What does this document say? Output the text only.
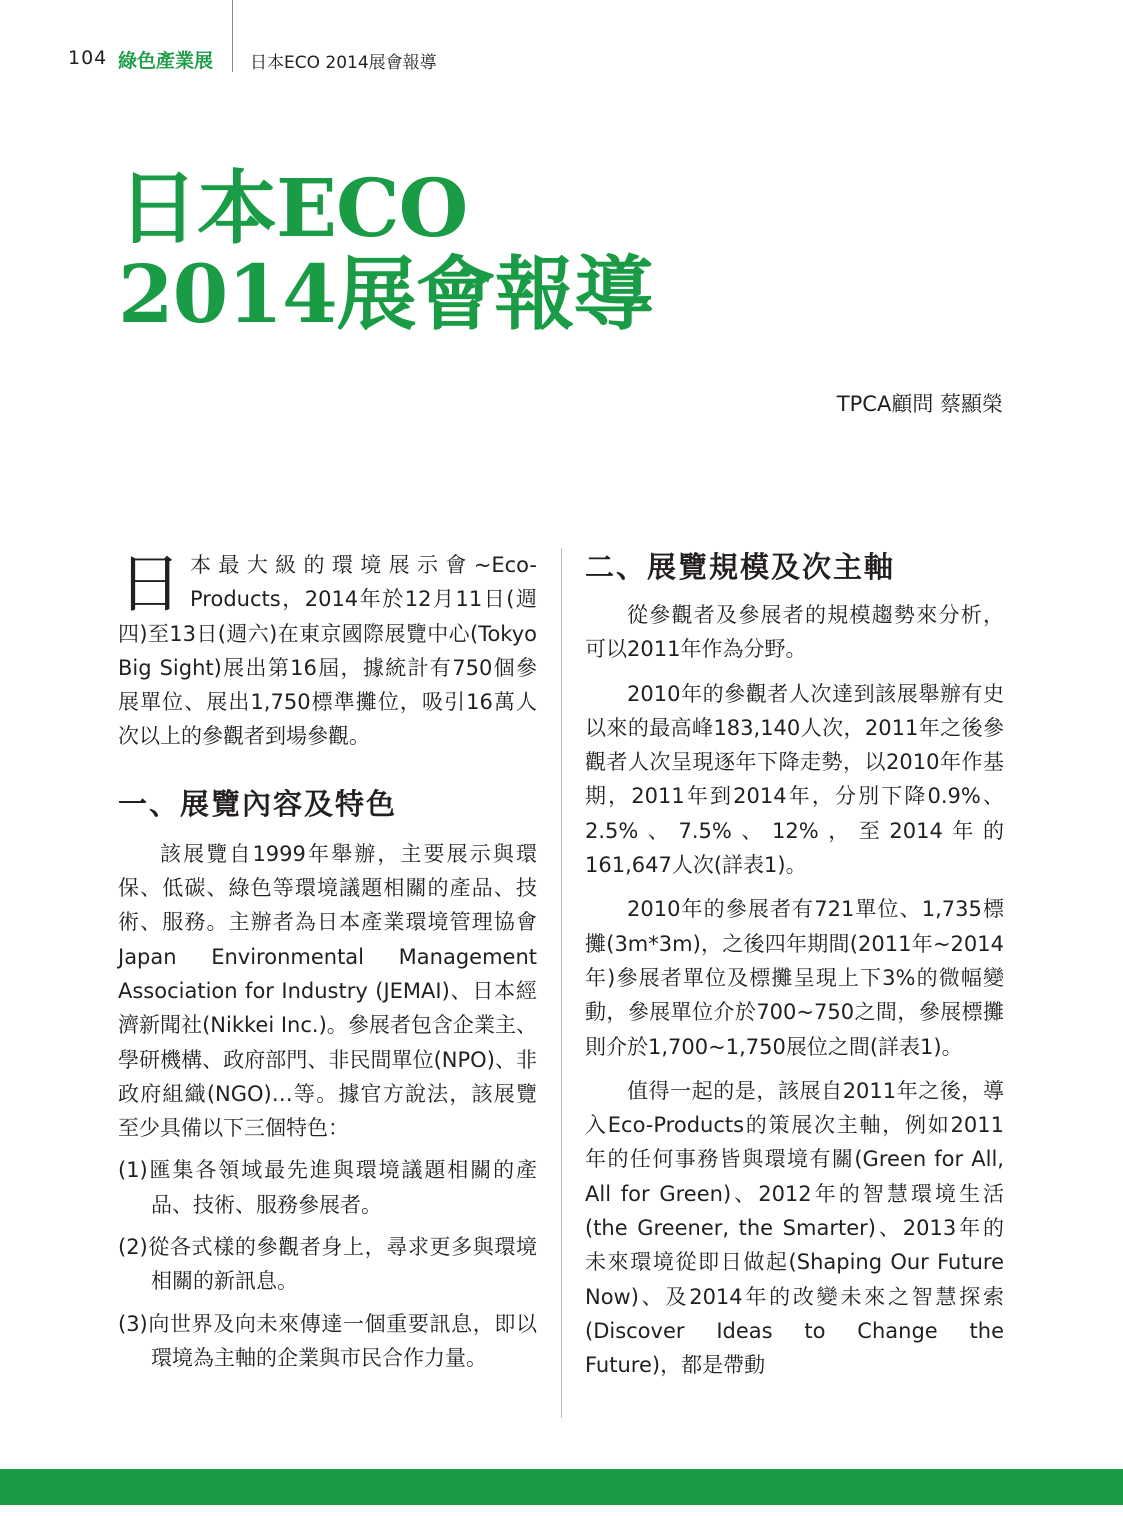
104 綠色產業展 日本ECO 2014展會報導
日本ECO
2014展會報導
TPCA顧問 蔡顯榮

日 本最大級的環境展示會~Eco-Products，2014年於12月11日(週四)至13日(週六)在東京國際展覽中心(Tokyo Big Sight)展出第16屆，據統計有750個參展單位、展出1,750標準攤位，吸引16萬人次以上的參觀者到場參觀。

一、展覽內容及特色

該展覽自1999年舉辦，主要展示與環保、低碳、綠色等環境議題相關的產品、技術、服務。主辦者為日本產業環境管理協會Japan Environmental Management Association for Industry (JEMAI)、日本經濟新聞社(Nikkei Inc.)。參展者包含企業主、學研機構、政府部門、非民間單位(NPO)、非政府組織(NGO)…等。據官方說法，該展覽至少具備以下三個特色：

(1)匯集各領域最先進與環境議題相關的產品、技術、服務參展者。

(2)從各式樣的參觀者身上，尋求更多與環境相關的新訊息。

(3)向世界及向未來傳達一個重要訊息，即以環境為主軸的企業與市民合作力量。

二、展覽規模及次主軸

從參觀者及參展者的規模趨勢來分析，可以2011年作為分野。

2010年的參觀者人次達到該展舉辦有史以來的最高峰183,140人次，2011年之後參觀者人次呈現逐年下降走勢，以2010年作基期，2011年到2014年，分別下降0.9%、2.5%、7.5%、12%，至2014年的161,647人次(詳表1)。

2010年的參展者有721單位、1,735標攤(3m*3m)，之後四年期間(2011年~2014年)參展者單位及標攤呈現上下3%的微幅變動，參展單位介於700~750之間，參展標攤則介於1,700~1,750展位之間(詳表1)。

值得一起的是，該展自2011年之後，導入Eco-Products的策展次主軸，例如2011年的任何事務皆與環境有關(Green for All, All for Green)、2012年的智慧環境生活(the Greener, the Smarter)、2013年的未來環境從即日做起(Shaping Our Future Now)、及2014年的改變未來之智慧探索(Discover Ideas to Change the Future)，都是帶動
